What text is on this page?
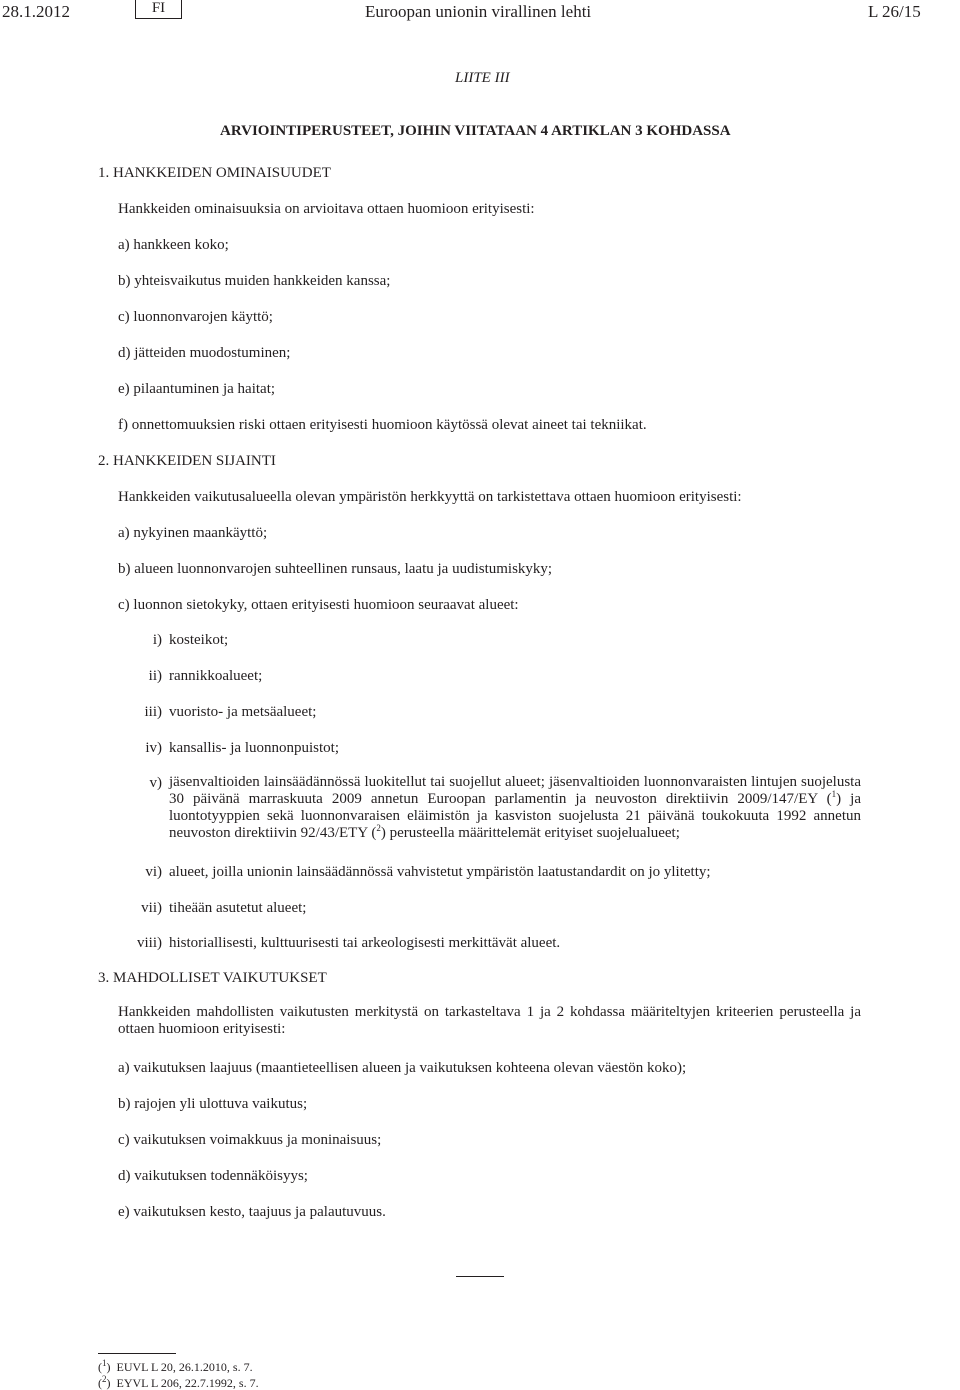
28.1.2012	FI	Euroopan unionin virallinen lehti	L 26/15
LIITE III
ARVIOINTIPERUSTEET, JOIHIN VIITATAAN 4 ARTIKLAN 3 KOHDASSA
1. HANKKEIDEN OMINAISUUDET
Hankkeiden ominaisuuksia on arvioitava ottaen huomioon erityisesti:
a) hankkeen koko;
b) yhteisvaikutus muiden hankkeiden kanssa;
c) luonnonvarojen käyttö;
d) jätteiden muodostuminen;
e) pilaantuminen ja haitat;
f) onnettomuuksien riski ottaen erityisesti huomioon käytössä olevat aineet tai tekniikat.
2. HANKKEIDEN SIJAINTI
Hankkeiden vaikutusalueella olevan ympäristön herkkyyttä on tarkistettava ottaen huomioon erityisesti:
a) nykyinen maankäyttö;
b) alueen luonnonvarojen suhteellinen runsaus, laatu ja uudistumiskyky;
c) luonnon sietokyky, ottaen erityisesti huomioon seuraavat alueet:
i) kosteikot;
ii) rannikkoalueet;
iii) vuoristo- ja metsäalueet;
iv) kansallis- ja luonnonpuistot;
v) jäsenvaltioiden lainsäädännössä luokitellut tai suojellut alueet; jäsenvaltioiden luonnonvaraisten lintujen suojelusta 30 päivänä marraskuuta 2009 annetun Euroopan parlamentin ja neuvoston direktiivin 2009/147/EY ($^1$) ja luontotyyppien sekä luonnonvaraisen eläimistön ja kasviston suojelusta 21 päivänä toukokuuta 1992 annetun neuvoston direktiivin 92/43/ETY ($^2$) perusteella määrittelemät erityiset suojelualueet;
vi) alueet, joilla unionin lainsäädännössä vahvistetut ympäristön laatustandardit on jo ylitetty;
vii) tiheään asutetut alueet;
viii) historiallisesti, kulttuurisesti tai arkeologisesti merkittävät alueet.
3. MAHDOLLISET VAIKUTUKSET
Hankkeiden mahdollisten vaikutusten merkitystä on tarkasteltava 1 ja 2 kohdassa määriteltyjen kriteerien perusteella ja ottaen huomioon erityisesti:
a) vaikutuksen laajuus (maantieteellisen alueen ja vaikutuksen kohteena olevan väestön koko);
b) rajojen yli ulottuva vaikutus;
c) vaikutuksen voimakkuus ja moninaisuus;
d) vaikutuksen todennäköisyys;
e) vaikutuksen kesto, taajuus ja palautuvuus.
($^1$)  EUVL L 20, 26.1.2010, s. 7.
($^2$)  EYVL L 206, 22.7.1992, s. 7.
